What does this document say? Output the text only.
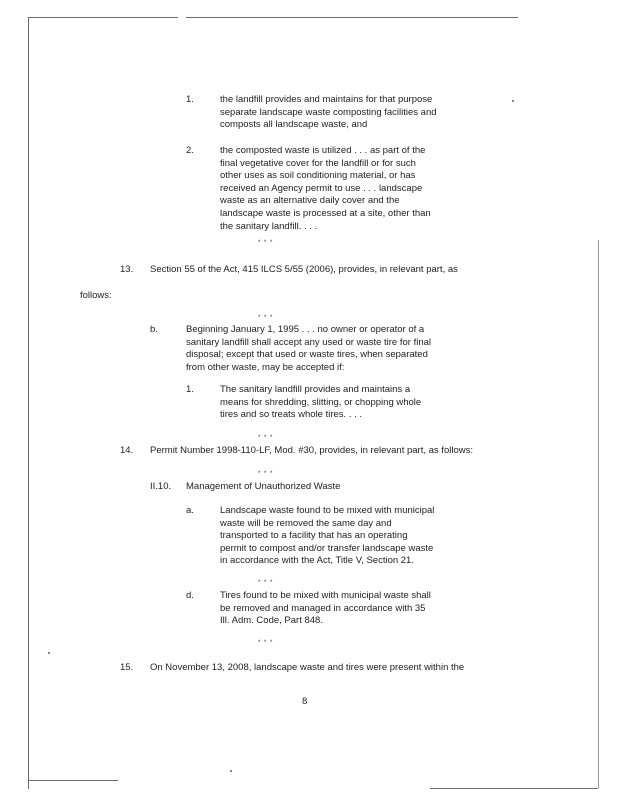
1.	the landfill provides and maintains for that purpose
separate landscape waste composting facilities and
composts all landscape waste, and
2.	the composted waste is utilized . . . as part of the
final vegetative cover for the landfill or for such
other uses as soil conditioning material, or has
received an Agency permit to use . . . landscape
waste as an alternative daily cover and the
landscape waste is processed at a site, other than
the sanitary landfill. . . .
* * *
13. Section 55 of the Act, 415 ILCS 5/55 (2006), provides, in relevant part, as
follows:
* * *
b.	Beginning January 1, 1995 . . . no owner or operator of a
sanitary landfill shall accept any used or waste tire for final
disposal; except that used or waste tires, when separated
from other waste, may be accepted if:
1.	The sanitary landfill provides and maintains a
means for shredding, slitting, or chopping whole
tires and so treats whole tires. . . .
* * *
14. Permit Number 1998-110-LF, Mod. #30, provides, in relevant part, as follows:
* * *
II.10. Management of Unauthorized Waste
a.	Landscape waste found to be mixed with municipal
waste will be removed the same day and
transported to a facility that has an operating
permit to compost and/or transfer landscape waste
in accordance with the Act, Title V, Section 21.
* * *
d.	Tires found to be mixed with municipal waste shall
be removed and managed in accordance with 35
Ill. Adm. Code, Part 848.
* * *
15. On November 13, 2008, landscape waste and tires were present within the
8
